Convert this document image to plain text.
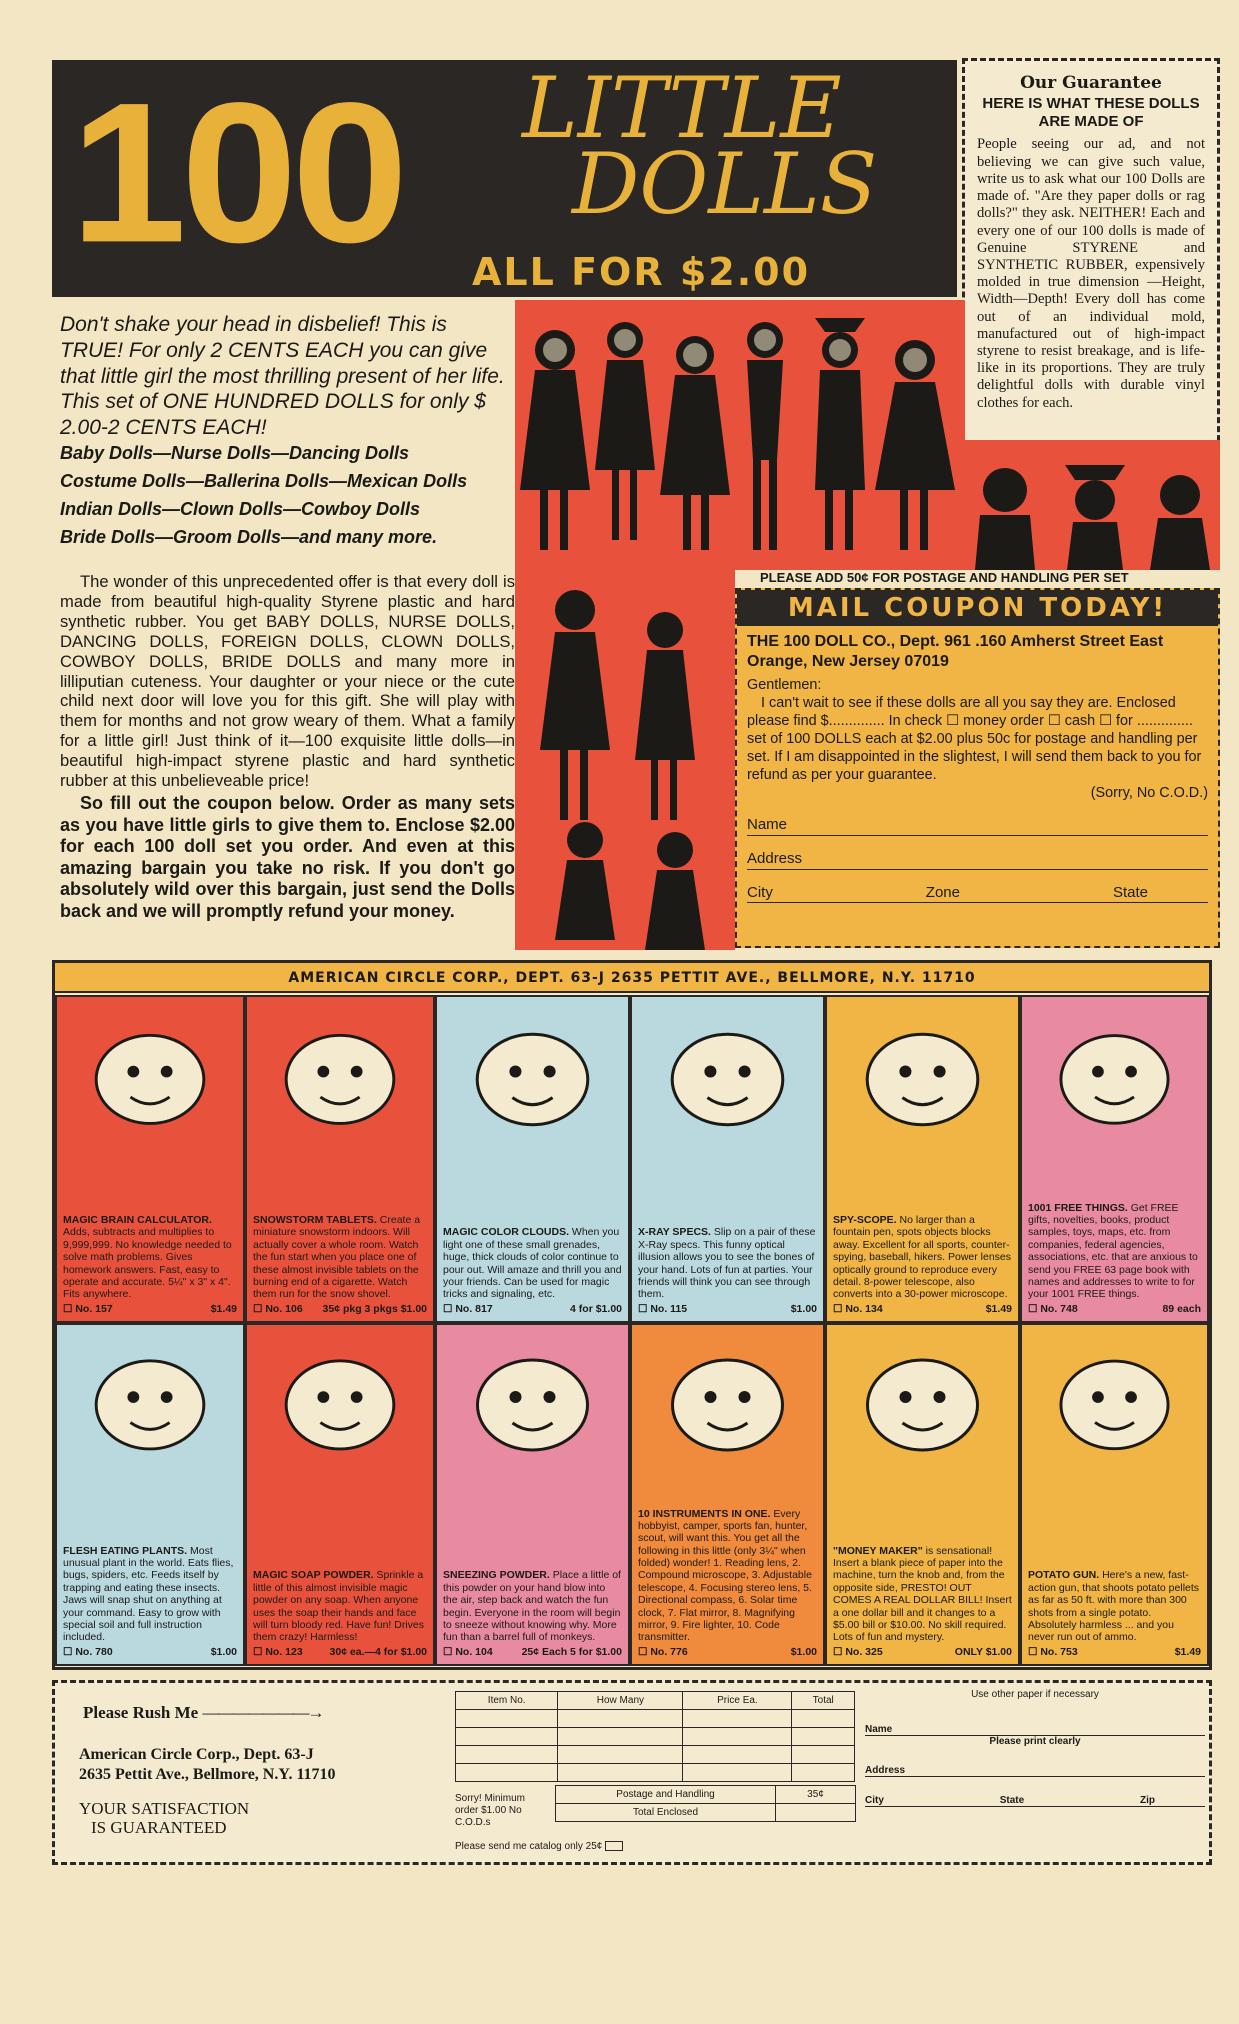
100 LITTLE
DOLLS
ALL FOR $2.00
Our Guarantee
HERE IS WHAT THESE DOLLS ARE MADE OF
People seeing our ad, and not believing we can give such value, write us to ask what our 100 Dolls are made of. "Are they paper dolls or rag dolls?" they ask. NEITHER! Each and every one of our 100 dolls is made of Genuine STYRENE and SYNTHETIC RUBBER, expensively molded in true dimension —Height, Width—Depth! Every doll has come out of an individual mold, manufactured out of high-impact styrene to resist breakage, and is life-like in its proportions. They are truly delightful dolls with durable vinyl clothes for each.
Don't shake your head in disbelief! This is TRUE! For only 2 CENTS EACH you can give that little girl the most thrilling present of her life. This set of ONE HUNDRED DOLLS for only $ 2.00-2 CENTS EACH!
Baby Dolls—Nurse Dolls—Dancing Dolls
Costume Dolls—Ballerina Dolls—Mexican Dolls
Indian Dolls—Clown Dolls—Cowboy Dolls
Bride Dolls—Groom Dolls—and many more.

The wonder of this unprecedented offer is that every doll is made from beautiful high-quality Styrene plastic and hard synthetic rubber. You get BABY DOLLS, NURSE DOLLS, DANCING DOLLS, FOREIGN DOLLS, CLOWN DOLLS, COWBOY DOLLS, BRIDE DOLLS and many more in lilliputian cuteness. Your daughter or your niece or the cute child next door will love you for this gift. She will play with them for months and not grow weary of them. What a family for a little girl! Just think of it—100 exquisite little dolls—in beautiful high-impact styrene plastic and hard synthetic rubber at this unbelieveable price!

So fill out the coupon below. Order as many sets as you have little girls to give them to. Enclose $2.00 for each 100 doll set you order. And even at this amazing bargain you take no risk. If you don't go absolutely wild over this bargain, just send the Dolls back and we will promptly refund your money.

PLEASE ADD 50¢ FOR POSTAGE AND HANDLING PER SET
MAIL COUPON TODAY!
THE 100 DOLL CO., Dept. 961 .160 Amherst Street East Orange, New Jersey 07019
Gentlemen:
I can't wait to see if these dolls are all you say they are. Enclosed please find $.............. In check ☐ money order ☐ cash ☐ for .............. set of 100 DOLLS each at $2.00 plus 50c for postage and handling per set. If I am disappointed in the slightest, I will send them back to you for refund as per your guarantee.
(Sorry, No C.O.D.)
Name
Address
City	Zone	State
AMERICAN CIRCLE CORP., DEPT. 63-J 2635 PETTIT AVE., BELLMORE, N.Y. 11710
MAGIC BRAIN CALCULATOR. Adds, subtracts and multiplies to 9,999,999. No knowledge needed to solve math problems. Gives homework answers. Fast, easy to operate and accurate. 5¼" x 3" x 4". Fits anywhere.
☐ No. 157	$1.49
SNOWSTORM TABLETS. Create a miniature snowstorm indoors. Will actually cover a whole room. Watch the fun start when you place one of these almost invisible tablets on the burning end of a cigarette. Watch them run for the snow shovel.
☐ No. 106 35¢ pkg 3 pkgs $1.00
MAGIC COLOR CLOUDS. When you light one of these small grenades, huge, thick clouds of color continue to pour out. Will amaze and thrill you and your friends. Can be used for magic tricks and signaling, etc.
☐ No. 817	4 for $1.00
X-RAY SPECS. Slip on a pair of these X-Ray specs. This funny optical illusion allows you to see the bones of your hand. Lots of fun at parties. Your friends will think you can see through them.
☐ No. 115	$1.00
SPY-SCOPE. No larger than a fountain pen, spots objects blocks away. Excellent for all sports, counter-spying, baseball, hikers. Power lenses optically ground to reproduce every detail. 8-power telescope, also converts into a 30-power microscope.
☐ No. 134	$1.49
1001 FREE THINGS. Get FREE gifts, novelties, books, product samples, toys, maps, etc. from companies, federal agencies, associations, etc. that are anxious to send you FREE 63 page book with names and addresses to write to for your 1001 FREE things.
☐ No. 748	89 each
FLESH EATING PLANTS. Most unusual plant in the world. Eats flies, bugs, spiders, etc. Feeds itself by trapping and eating these insects. Jaws will snap shut on anything at your command. Easy to grow with special soil and full instruction included.
☐ No. 780	$1.00
MAGIC SOAP POWDER. Sprinkle a little of this almost invisible magic powder on any soap. When anyone uses the soap their hands and face will turn bloody red. Have fun! Drives them crazy! Harmless!
☐ No. 123	30¢ ea.—4 for $1.00
SNEEZING POWDER. Place a little of this powder on your hand blow into the air, step back and watch the fun begin. Everyone in the room will begin to sneeze without knowing why. More fun than a barrel full of monkeys.
☐ No. 104	25¢ Each 5 for $1.00
10 INSTRUMENTS IN ONE. Every hobbyist, camper, sports fan, hunter, scout, will want this. You get all the following in this little (only 3¼" when folded) wonder! 1. Reading lens, 2. Compound microscope, 3. Adjustable telescope, 4. Focusing stereo lens, 5. Directional compass, 6. Solar time clock, 7. Flat mirror, 8. Magnifying mirror, 9. Fire lighter, 10. Code transmitter.
☐ No. 776	$1.00
"MONEY MAKER" is sensational! Insert a blank piece of paper into the machine, turn the knob and, from the opposite side, PRESTO! OUT COMES A REAL DOLLAR BILL! Insert a one dollar bill and it changes to a $5.00 bill or $10.00. No skill required. Lots of fun and mystery.
☐ No. 325	ONLY $1.00
POTATO GUN. Here's a new, fast-action gun, that shoots potato pellets as far as 50 ft. with more than 300 shots from a single potato. Absolutely harmless ... and you never run out of ammo.
☐ No. 753	$1.49
Please Rush Me ———————→
American Circle Corp., Dept. 63-J
2635 Pettit Ave., Bellmore, N.Y. 11710
YOUR SATISFACTION
IS GUARANTEED
Item No.	How Many	Price Ea.	Total

Sorry! Minimum order $1.00 No C.O.D.s
Postage and Handling	35¢
Total Enclosed	
Please send me catalog only 25¢
Use other paper if necessary
Name
Please print clearly
Address
City	State	Zip
